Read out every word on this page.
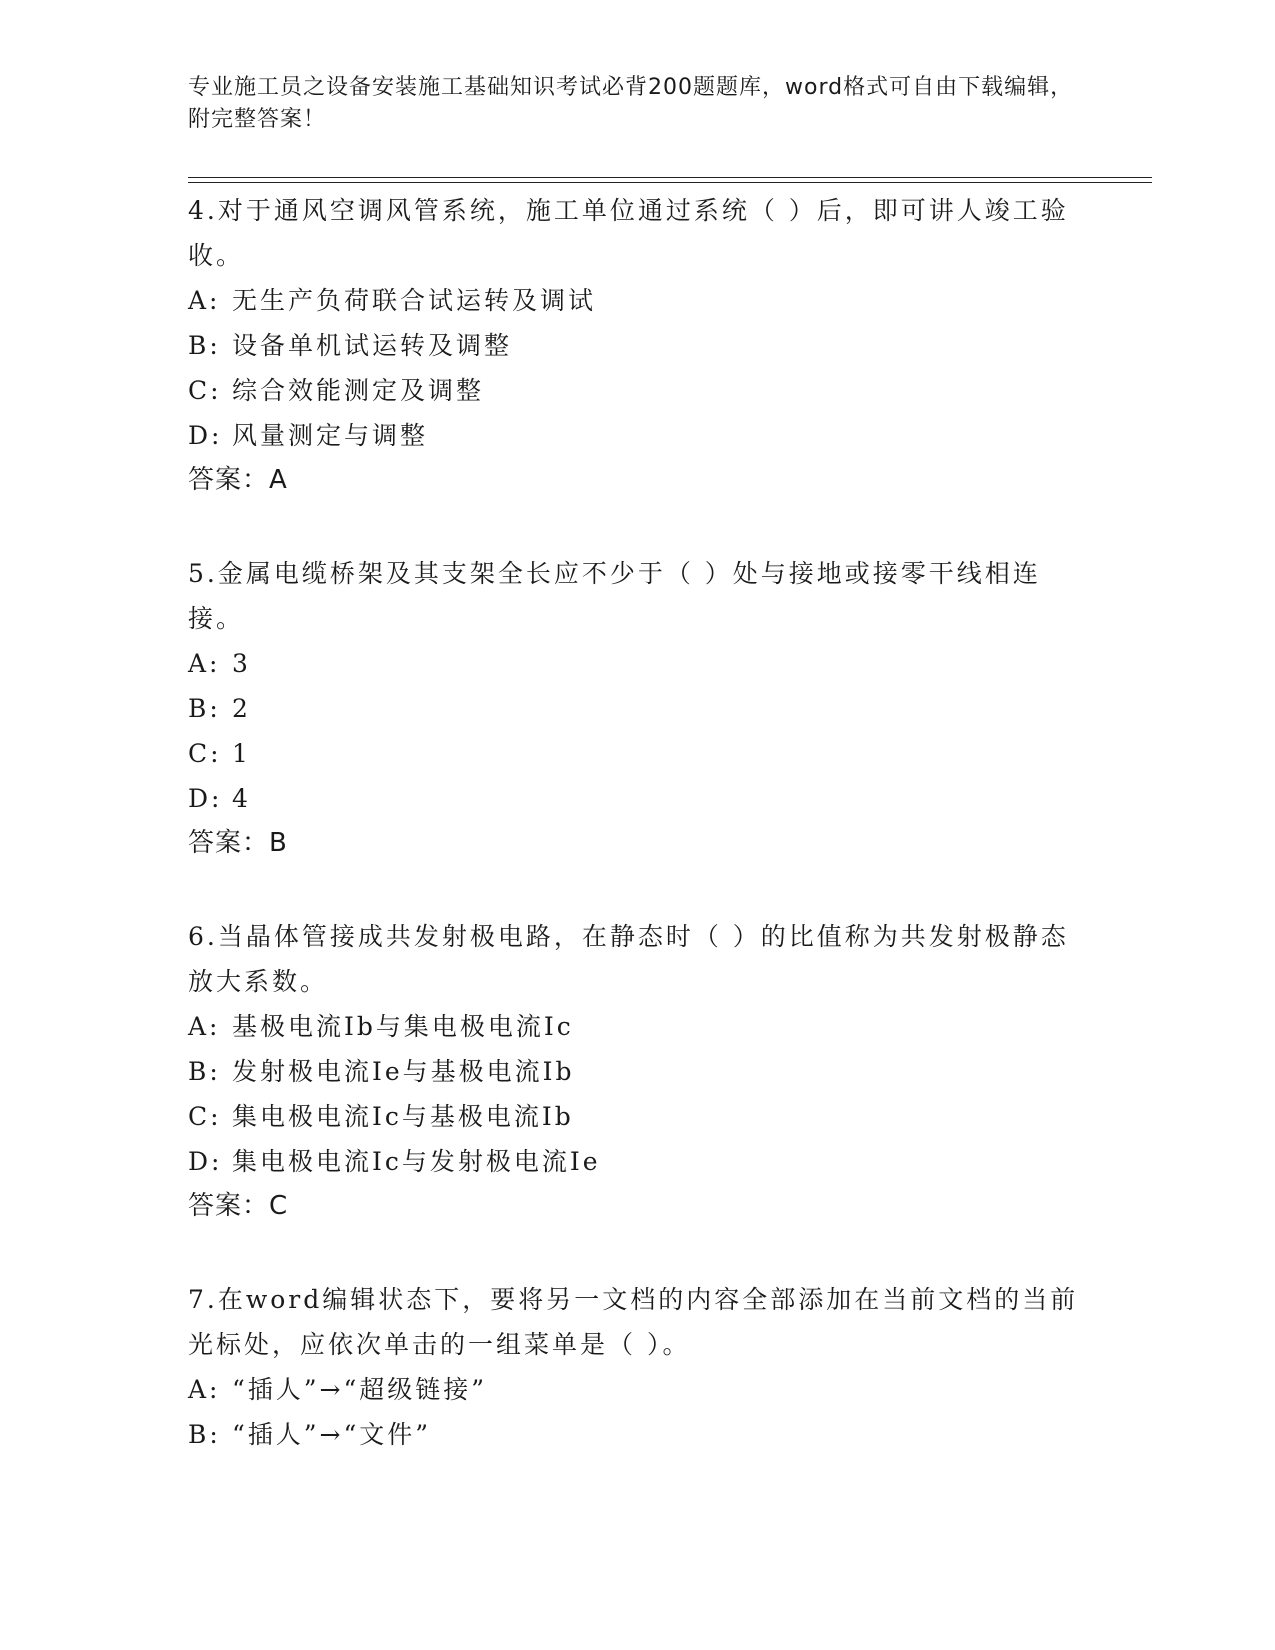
专业施工员之设备安装施工基础知识考试必背200题题库，word格式可自由下载编辑，附完整答案！
4.对于通风空调风管系统，施工单位通过系统（ ）后，即可讲人竣工验收。
A: 无生产负荷联合试运转及调试
B: 设备单机试运转及调整
C: 综合效能测定及调整
D: 风量测定与调整
答案：A
5.金属电缆桥架及其支架全长应不少于（ ）处与接地或接零干线相连接。
A: 3
B: 2
C: 1
D: 4
答案：B
6.当晶体管接成共发射极电路，在静态时（ ）的比值称为共发射极静态放大系数。
A: 基极电流Ib与集电极电流Ic
B: 发射极电流Ie与基极电流Ib
C: 集电极电流Ic与基极电流Ib
D: 集电极电流Ic与发射极电流Ie
答案：C
7.在word编辑状态下，要将另一文档的内容全部添加在当前文档的当前光标处，应依次单击的一组菜单是（ ）。
A: “插人”→“超级链接”
B: “插人”→“文件”
